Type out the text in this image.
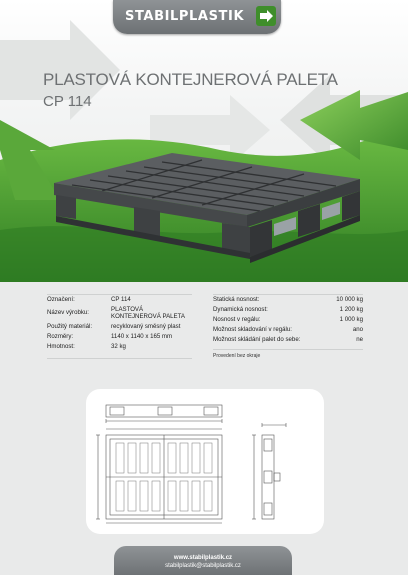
STABILPLASTIK
PLASTOVÁ KONTEJNEROVÁ PALETA
CP 114
Označení:	CP 114
Název výrobku:	PLASTOVÁ
KONTEJNEROVÁ PALETA
Použitý materiál:	recyklovaný směsný plast
Rozměry:	1140 x 1140 x 165 mm
Hmotnost:	32 kg
Statická nosnost:	10 000 kg
Dynamická nosnost:	1 200 kg
Nosnost v regálu:	1 000 kg
Možnost skladování v regálu:	ano
Možnost skládání palet do sebe:	ne
Provedení bez okraje
www.stabilplastik.cz
stabilplastik@stabilplastik.cz
